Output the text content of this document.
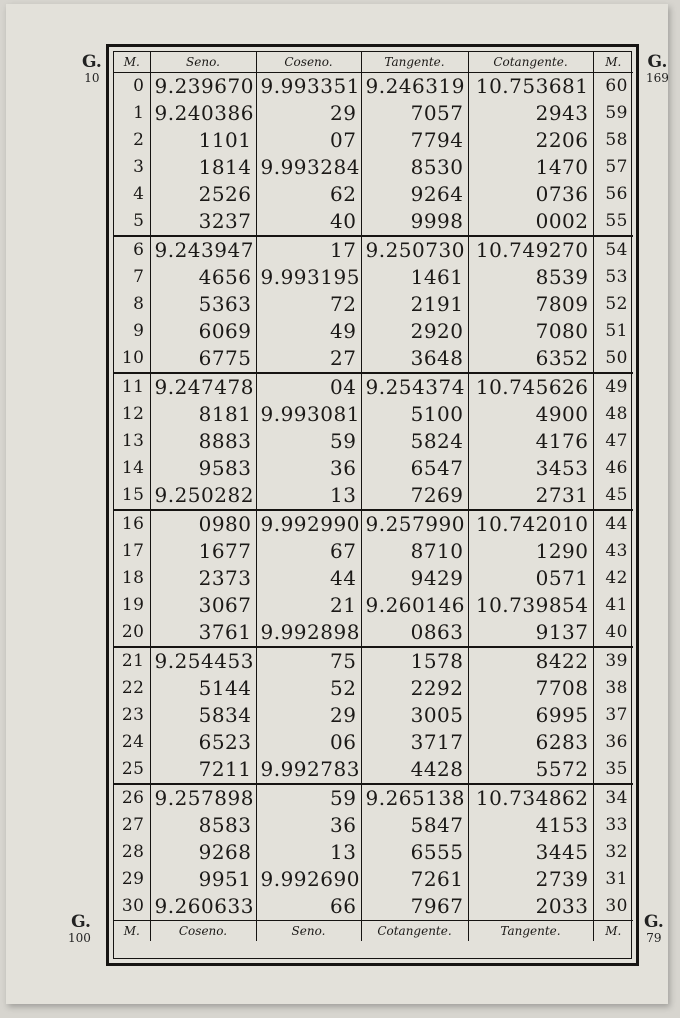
G.
10
G.
169
G.
100
G.
79
M.	Seno.	Coseno.	Tangente.	Cotangente.	M.
0	9.239670	9.993351	9.246319	10.753681	60
1	9.240386	29	7057	2943	59
2	1101	07	7794	2206	58
3	1814	9.993284	8530	1470	57
4	2526	62	9264	0736	56
5	3237	40	9998	0002	55
6	9.243947	17	9.250730	10.749270	54
7	4656	9.993195	1461	8539	53
8	5363	72	2191	7809	52
9	6069	49	2920	7080	51
10	6775	27	3648	6352	50
11	9.247478	04	9.254374	10.745626	49
12	8181	9.993081	5100	4900	48
13	8883	59	5824	4176	47
14	9583	36	6547	3453	46
15	9.250282	13	7269	2731	45
16	0980	9.992990	9.257990	10.742010	44
17	1677	67	8710	1290	43
18	2373	44	9429	0571	42
19	3067	21	9.260146	10.739854	41
20	3761	9.992898	0863	9137	40
21	9.254453	75	1578	8422	39
22	5144	52	2292	7708	38
23	5834	29	3005	6995	37
24	6523	06	3717	6283	36
25	7211	9.992783	4428	5572	35
26	9.257898	59	9.265138	10.734862	34
27	8583	36	5847	4153	33
28	9268	13	6555	3445	32
29	9951	9.992690	7261	2739	31
30	9.260633	66	7967	2033	30
M.	Coseno.	Seno.	Cotangente.	Tangente.	M.
